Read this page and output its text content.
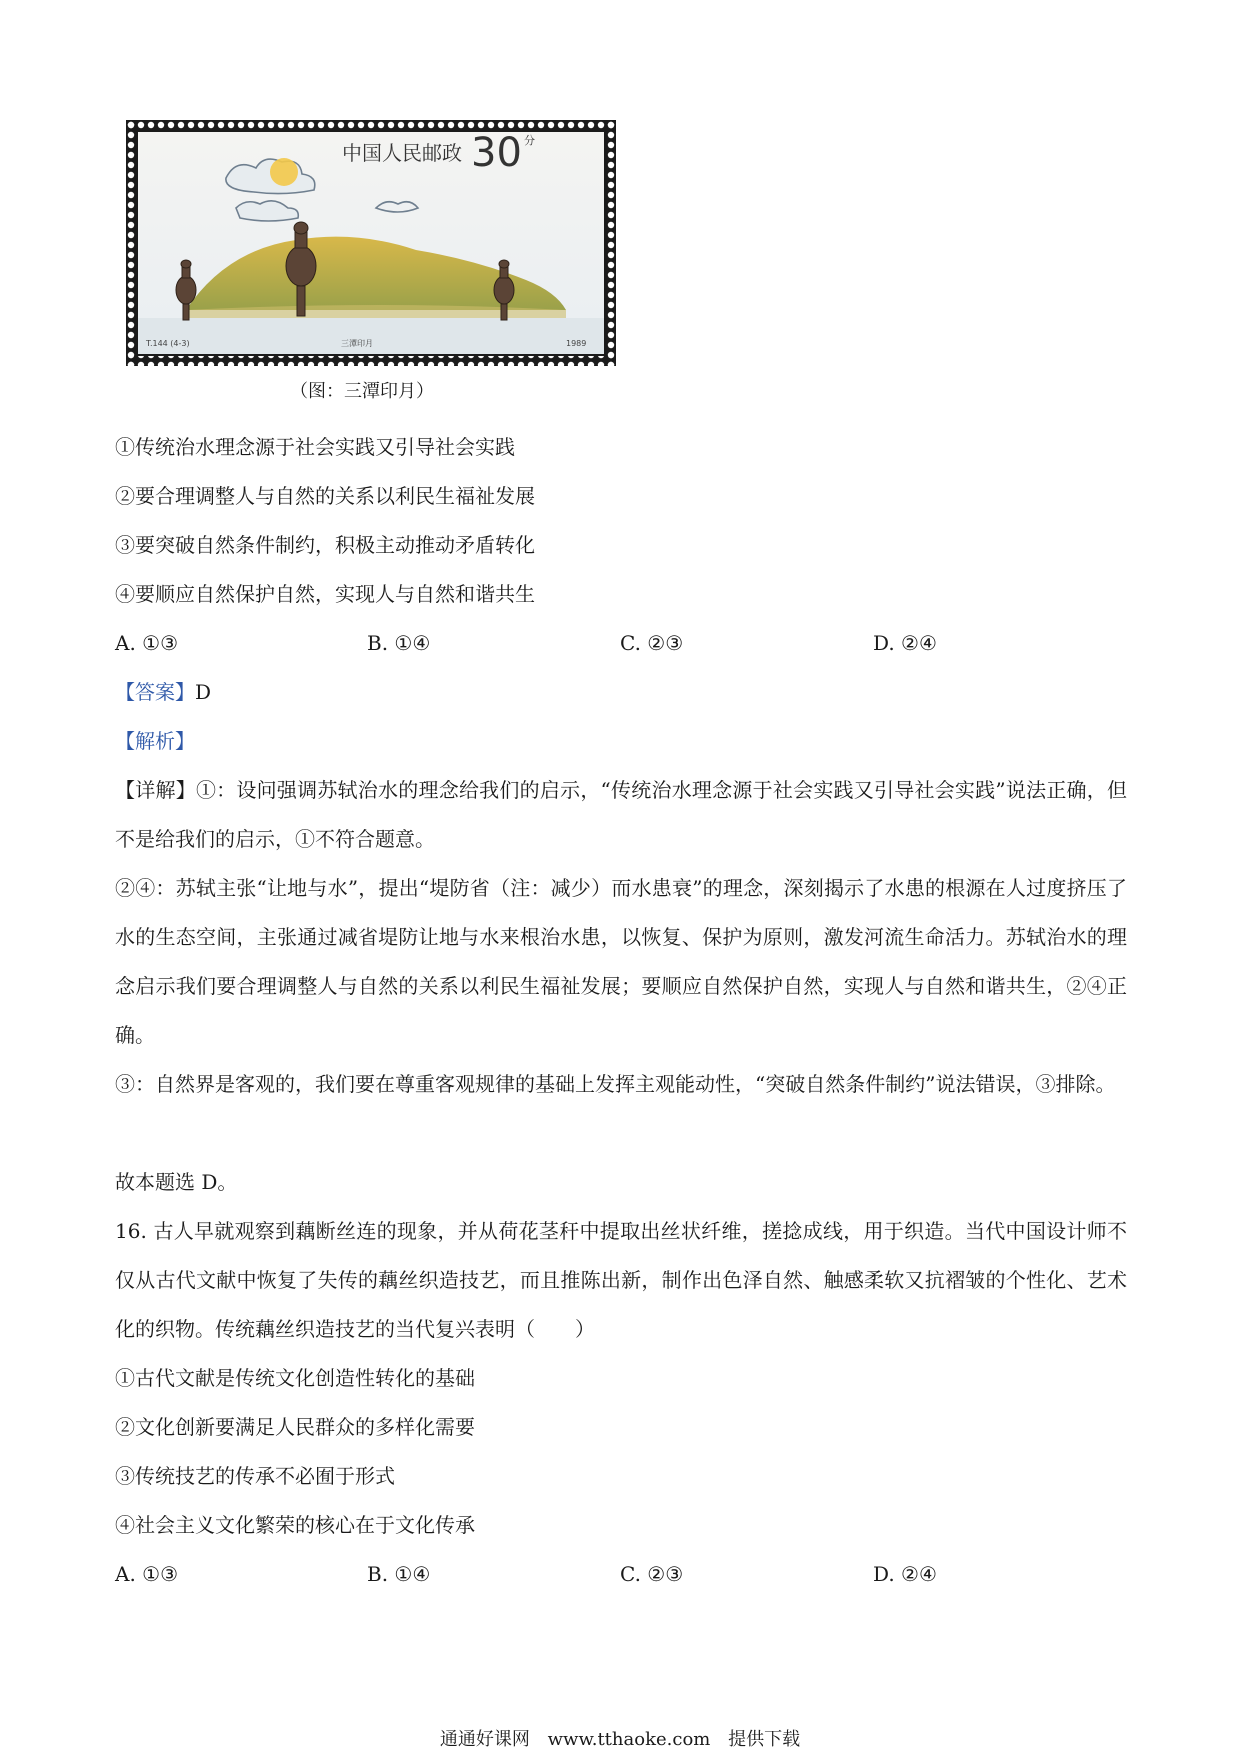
中国人民邮政 30 分
T.144 (4-3)	三潭印月	1989
（图：三潭印月）
①传统治水理念源于社会实践又引导社会实践
②要合理调整人与自然的关系以利民生福祉发展
③要突破自然条件制约，积极主动推动矛盾转化
④要顺应自然保护自然，实现人与自然和谐共生
A. ①③	B. ①④	C. ②③	D. ②④
【答案】D
【解析】
【详解】①：设问强调苏轼治水的理念给我们的启示，“传统治水理念源于社会实践又引导社会实践”说法正确，但不是给我们的启示，①不符合题意。
②④：苏轼主张“让地与水”，提出“堤防省（注：减少）而水患衰”的理念，深刻揭示了水患的根源在人过度挤压了水的生态空间，主张通过减省堤防让地与水来根治水患，以恢复、保护为原则，激发河流生命活力。苏轼治水的理念启示我们要合理调整人与自然的关系以利民生福祉发展；要顺应自然保护自然，实现人与自然和谐共生，②④正确。
③：自然界是客观的，我们要在尊重客观规律的基础上发挥主观能动性，“突破自然条件制约”说法错误，③排除。
故本题选 D。
16. 古人早就观察到藕断丝连的现象，并从荷花茎秆中提取出丝状纤维，搓捻成线，用于织造。当代中国设计师不仅从古代文献中恢复了失传的藕丝织造技艺，而且推陈出新，制作出色泽自然、触感柔软又抗褶皱的个性化、艺术化的织物。传统藕丝织造技艺的当代复兴表明（　　）
①古代文献是传统文化创造性转化的基础
②文化创新要满足人民群众的多样化需要
③传统技艺的传承不必囿于形式
④社会主义文化繁荣的核心在于文化传承
A. ①③	B. ①④	C. ②③	D. ②④
通通好课网 www.tthaoke.com 提供下载
